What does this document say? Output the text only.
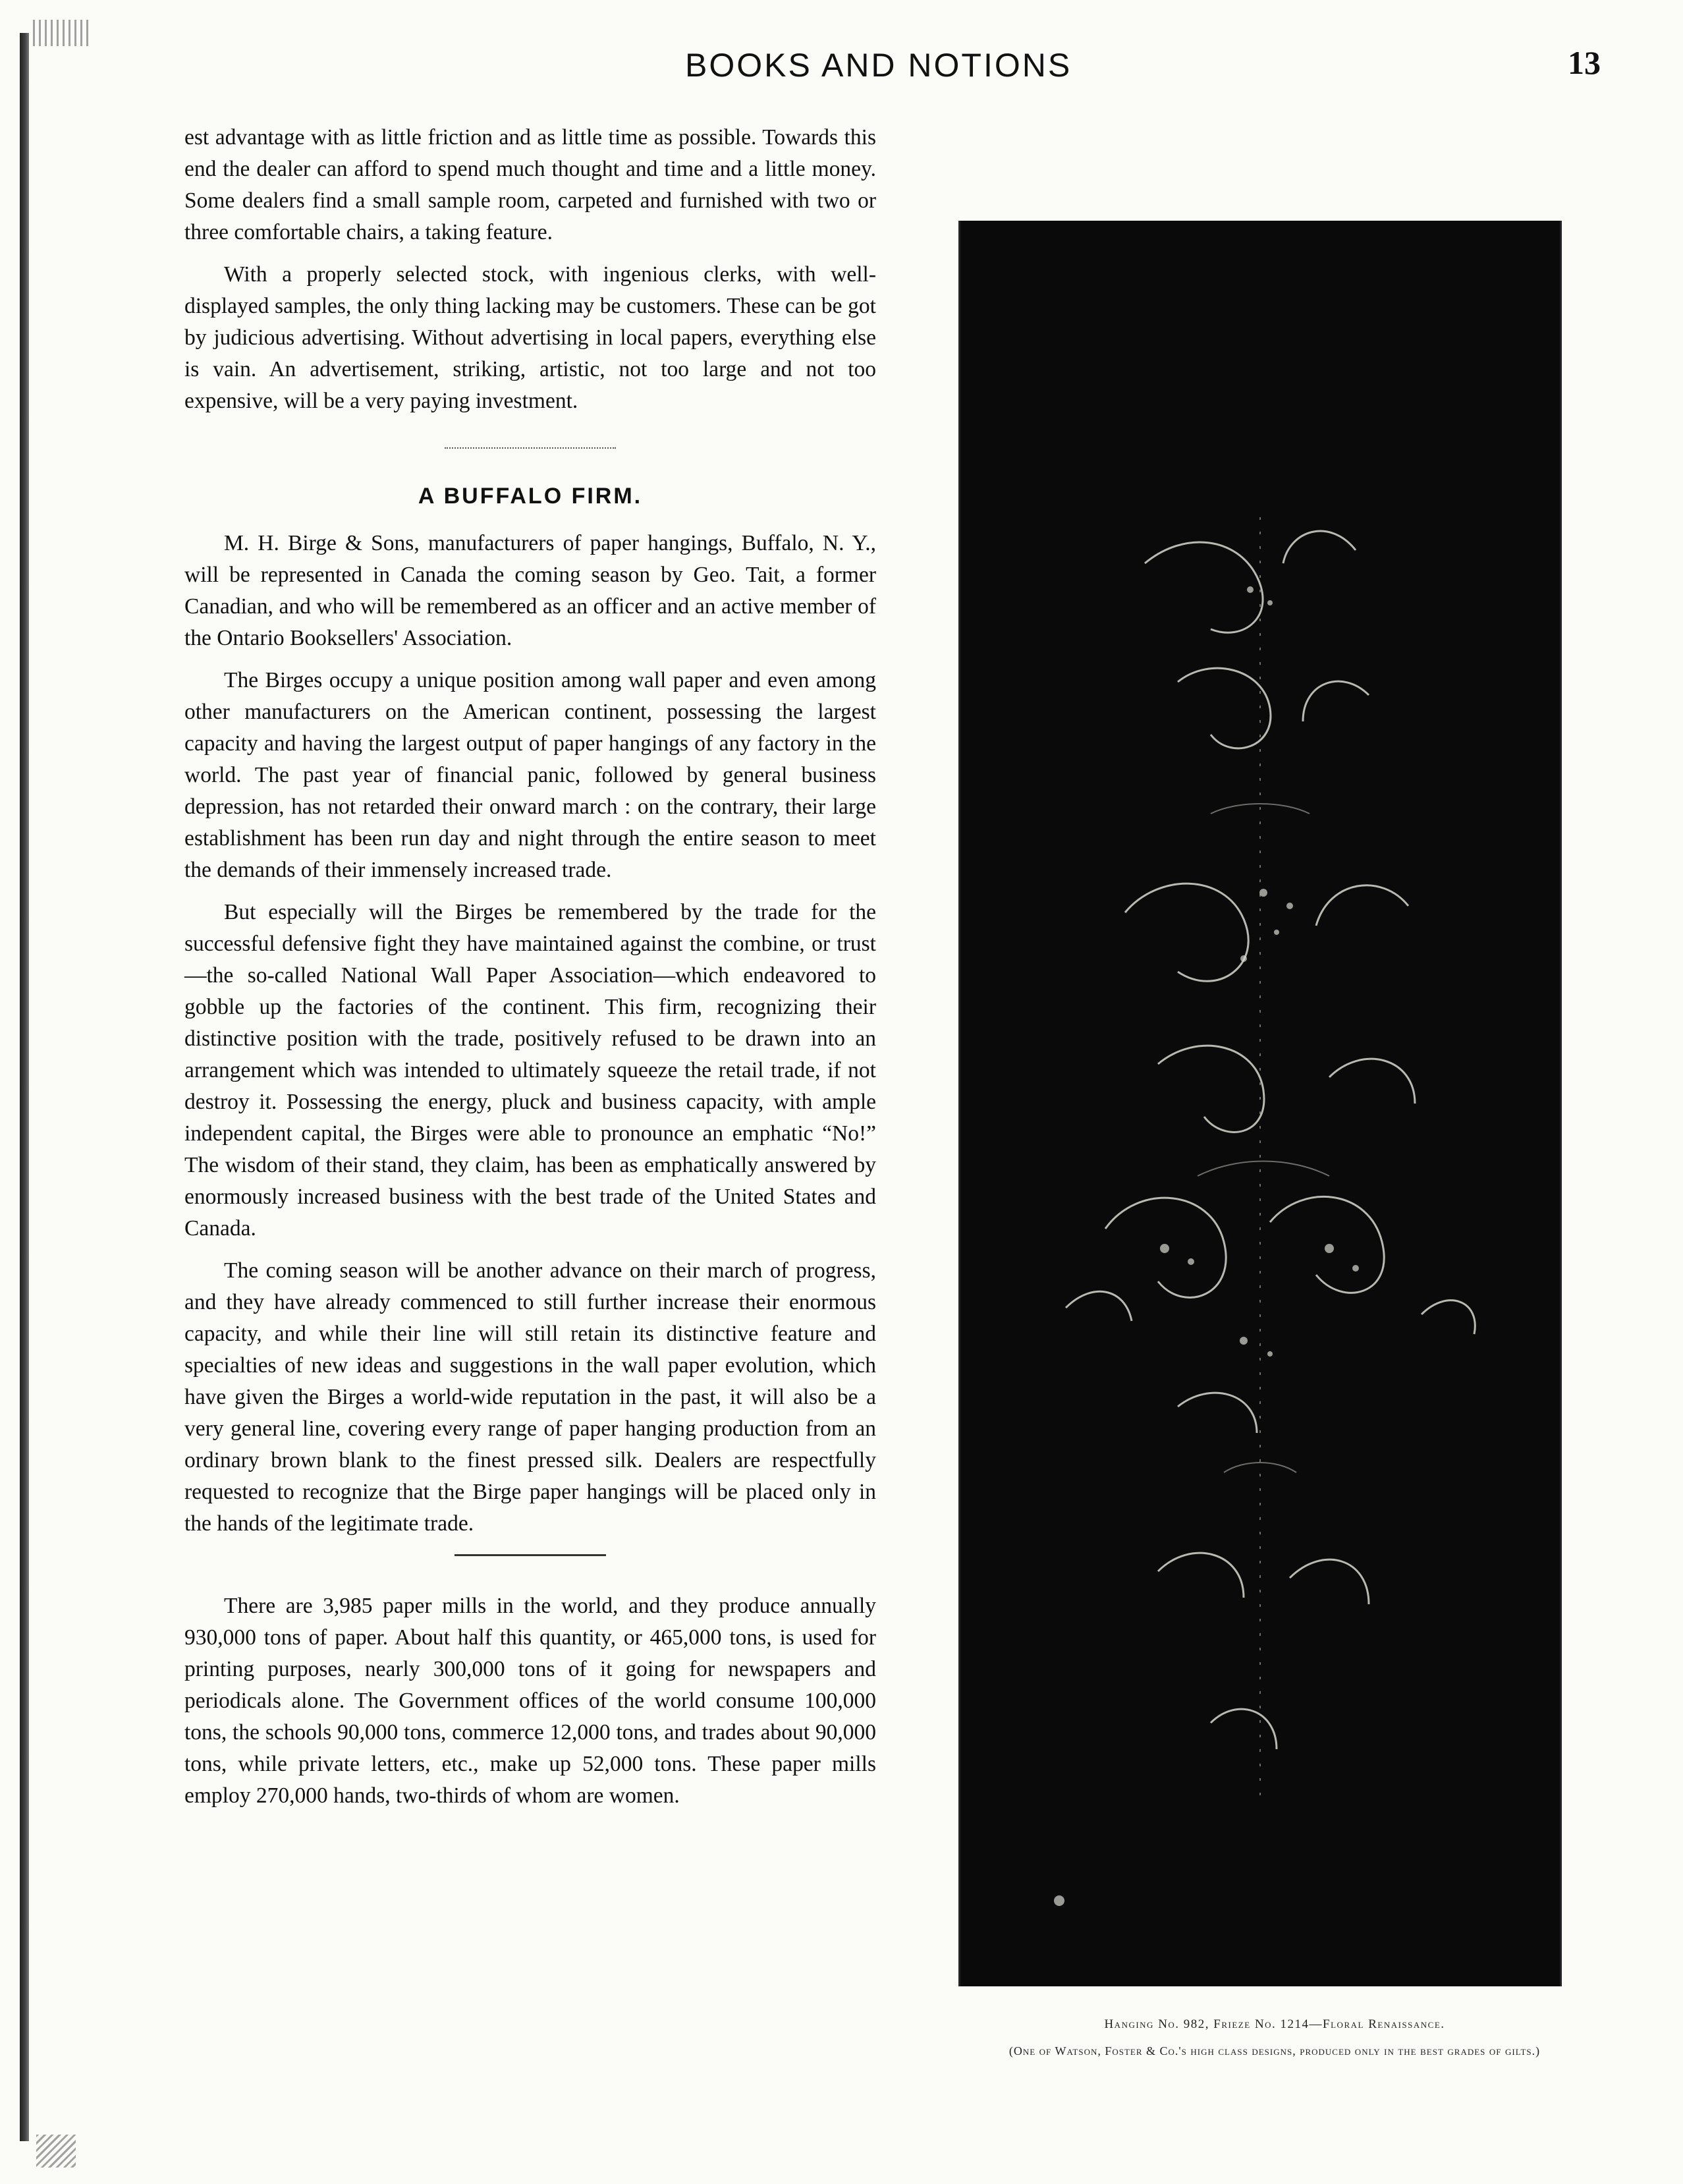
BOOKS AND NOTIONS	13

est advantage with as little friction and as little time as possible. Towards this end the dealer can afford to spend much thought and time and a little money. Some dealers find a small sample room, carpeted and furnished with two or three comfortable chairs, a taking feature.

With a properly selected stock, with ingenious clerks, with well-displayed samples, the only thing lacking may be customers. These can be got by judicious advertising. Without advertising in local papers, everything else is vain. An advertisement, striking, artistic, not too large and not too expensive, will be a very paying investment.

A BUFFALO FIRM.

M. H. Birge & Sons, manufacturers of paper hangings, Buffalo, N. Y., will be represented in Canada the coming season by Geo. Tait, a former Canadian, and who will be remembered as an officer and an active member of the Ontario Booksellers' Association.

The Birges occupy a unique position among wall paper and even among other manufacturers on the American continent, possessing the largest capacity and having the largest output of paper hangings of any factory in the world. The past year of financial panic, followed by general business depression, has not retarded their onward march : on the contrary, their large establishment has been run day and night through the entire season to meet the demands of their immensely increased trade.

But especially will the Birges be remembered by the trade for the successful defensive fight they have maintained against the combine, or trust—the so-called National Wall Paper Association—which endeavored to gobble up the factories of the continent. This firm, recognizing their distinctive position with the trade, positively refused to be drawn into an arrangement which was intended to ultimately squeeze the retail trade, if not destroy it. Possessing the energy, pluck and business capacity, with ample independent capital, the Birges were able to pronounce an emphatic “No!” The wisdom of their stand, they claim, has been as emphatically answered by enormously increased business with the best trade of the United States and Canada.

The coming season will be another advance on their march of progress, and they have already commenced to still further increase their enormous capacity, and while their line will still retain its distinctive feature and specialties of new ideas and suggestions in the wall paper evolution, which have given the Birges a world-wide reputation in the past, it will also be a very general line, covering every range of paper hanging production from an ordinary brown blank to the finest pressed silk. Dealers are respectfully requested to recognize that the Birge paper hangings will be placed only in the hands of the legitimate trade.

There are 3,985 paper mills in the world, and they produce annually 930,000 tons of paper. About half this quantity, or 465,000 tons, is used for printing purposes, nearly 300,000 tons of it going for newspapers and periodicals alone. The Government offices of the world consume 100,000 tons, the schools 90,000 tons, commerce 12,000 tons, and trades about 90,000 tons, while private letters, etc., make up 52,000 tons. These paper mills employ 270,000 hands, two-thirds of whom are women.

Hanging No. 982, Frieze No. 1214—Floral Renaissance.
(One of Watson, Foster & Co.'s high class designs, produced only in the best grades of gilts.)
